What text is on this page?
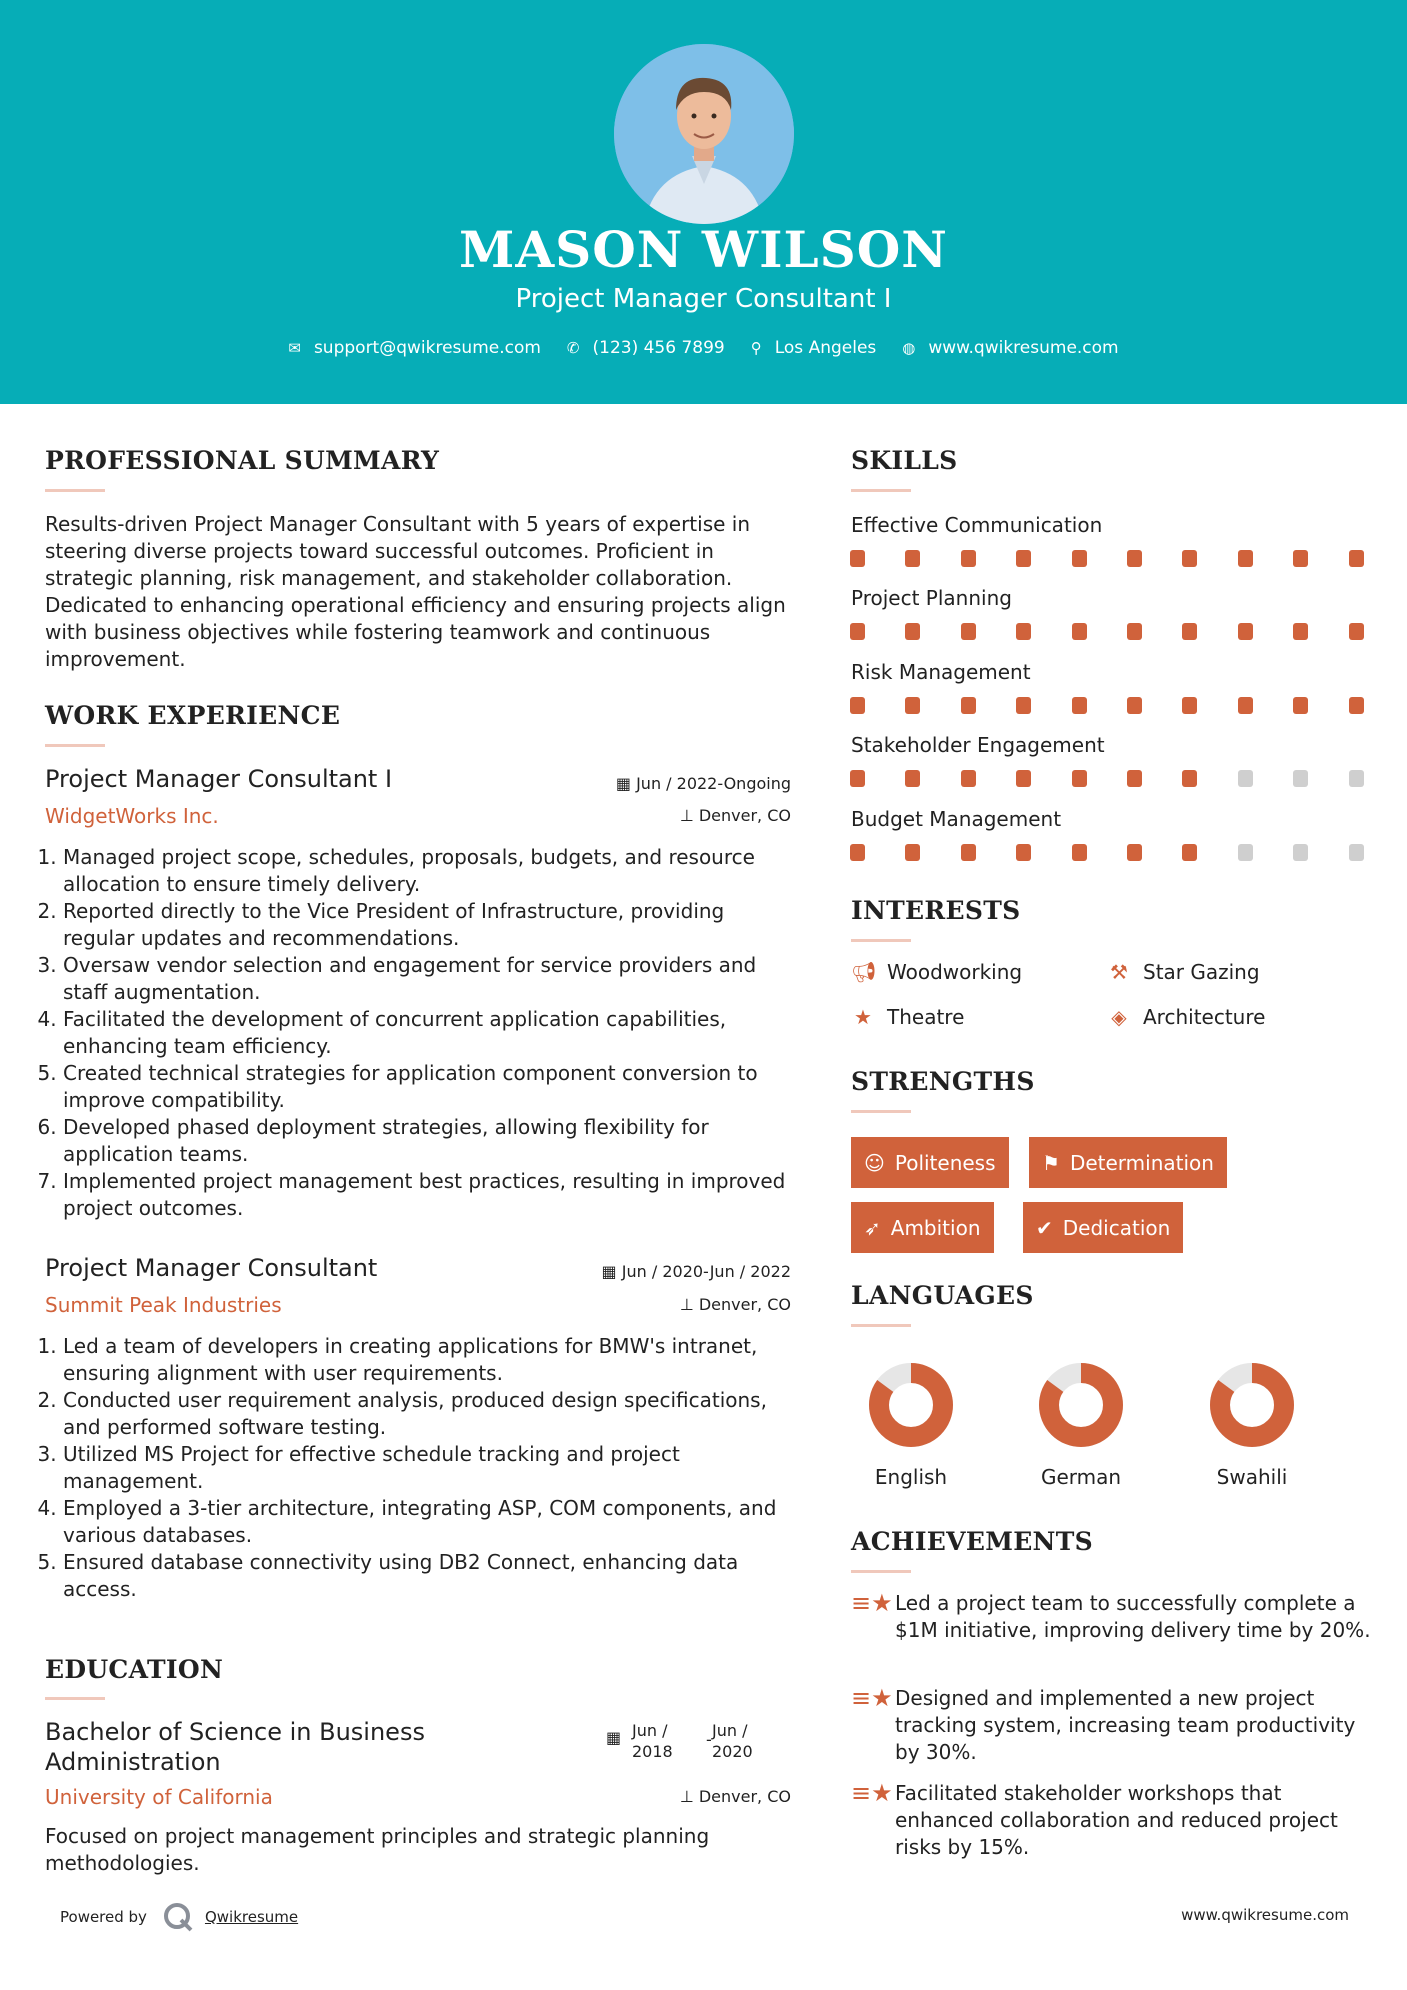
MASON WILSON
Project Manager Consultant I
✉ support@qwikresume.com ✆ (123) 456 7899 ⚲ Los Angeles ◍ www.qwikresume.com
PROFESSIONAL SUMMARY
Results-driven Project Manager Consultant with 5 years of expertise in steering diverse projects toward successful outcomes. Proficient in strategic planning, risk management, and stakeholder collaboration. Dedicated to enhancing operational efficiency and ensuring projects align with business objectives while fostering teamwork and continuous improvement.
WORK EXPERIENCE
Project Manager Consultant I	▦ Jun / 2022-Ongoing
WidgetWorks Inc.	⊥ Denver, CO
1. Managed project scope, schedules, proposals, budgets, and resource allocation to ensure timely delivery.
2. Reported directly to the Vice President of Infrastructure, providing regular updates and recommendations.
3. Oversaw vendor selection and engagement for service providers and staff augmentation.
4. Facilitated the development of concurrent application capabilities, enhancing team efficiency.
5. Created technical strategies for application component conversion to improve compatibility.
6. Developed phased deployment strategies, allowing flexibility for application teams.
7. Implemented project management best practices, resulting in improved project outcomes.
Project Manager Consultant	▦ Jun / 2020-Jun / 2022
Summit Peak Industries	⊥ Denver, CO
1. Led a team of developers in creating applications for BMW's intranet, ensuring alignment with user requirements.
2. Conducted user requirement analysis, produced design specifications, and performed software testing.
3. Utilized MS Project for effective schedule tracking and project management.
4. Employed a 3-tier architecture, integrating ASP, COM components, and various databases.
5. Ensured database connectivity using DB2 Connect, enhancing data access.
EDUCATION
Bachelor of Science in Business Administration
▦ Jun / 2018
- Jun / 2020
University of California	⊥ Denver, CO
Focused on project management principles and strategic planning methodologies.
SKILLS
Effective Communication
Project Planning
Risk Management
Stakeholder Engagement
Budget Management
INTERESTS
📢︎ Woodworking	⚒ Star Gazing
★ Theatre	◈ Architecture
STRENGTHS
☺ Politeness ⚑ Determination
➶ Ambition	✔ Dedication
LANGUAGES
English	German	Swahili
ACHIEVEMENTS
≡★ Led a project team to successfully complete a $1M initiative, improving delivery time by 20%.
≡★ Designed and implemented a new project tracking system, increasing team productivity by 30%.
≡★ Facilitated stakeholder workshops that enhanced collaboration and reduced project risks by 15%.
Powered by	Qwikresume	www.qwikresume.com
